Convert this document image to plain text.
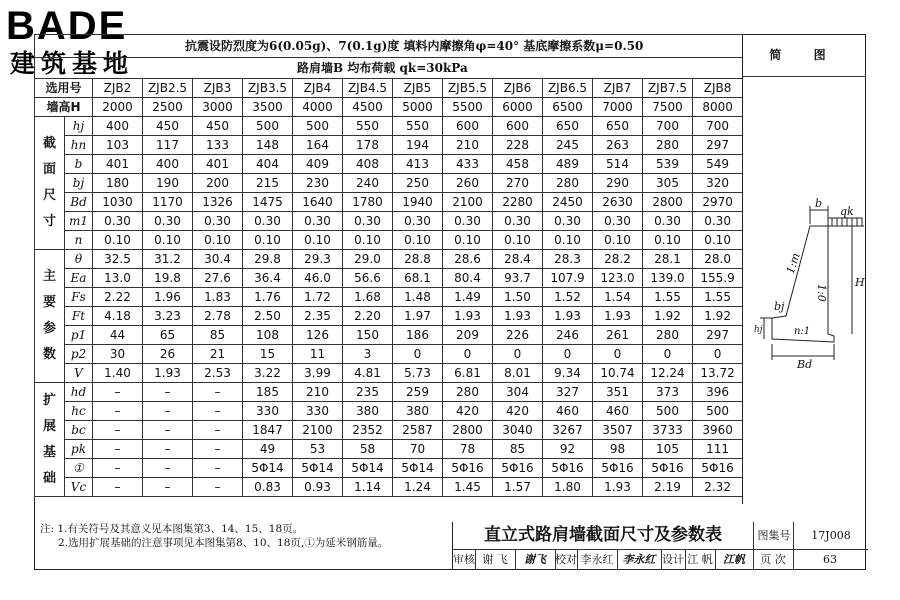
BADE
建筑基地
抗震设防烈度为6(0.05g)、7(0.1g)度 填料内摩擦角φ=40° 基底摩擦系数μ=0.50														
路肩墙B 均布荷载 qk=30kPa														
选用号		ZJB2	ZJB2.5	ZJB3	ZJB3.5	ZJB4	ZJB4.5	ZJB5	ZJB5.5	ZJB6	ZJB6.5	ZJB7	ZJB7.5	ZJB8
墙高H		2000	2500	3000	3500	4000	4500	5000	5500	6000	6500	7000	7500	8000
截
面
尺
寸	hj	400	450	450	500	500	550	550	600	600	650	650	700	700
	hn	103	117	133	148	164	178	194	210	228	245	263	280	297
	b	401	400	401	404	409	408	413	433	458	489	514	539	549
	bj	180	190	200	215	230	240	250	260	270	280	290	305	320
	Bd	1030	1170	1326	1475	1640	1780	1940	2100	2280	2450	2630	2800	2970
	m1	0.30	0.30	0.30	0.30	0.30	0.30	0.30	0.30	0.30	0.30	0.30	0.30	0.30
	n	0.10	0.10	0.10	0.10	0.10	0.10	0.10	0.10	0.10	0.10	0.10	0.10	0.10
主
要
参
数	θ	32.5	31.2	30.4	29.8	29.3	29.0	28.8	28.6	28.4	28.3	28.2	28.1	28.0
	Ea	13.0	19.8	27.6	36.4	46.0	56.6	68.1	80.4	93.7	107.9	123.0	139.0	155.9
	Fs	2.22	1.96	1.83	1.76	1.72	1.68	1.48	1.49	1.50	1.52	1.54	1.55	1.55
	Ft	4.18	3.23	2.78	2.50	2.35	2.20	1.97	1.93	1.93	1.93	1.93	1.92	1.92
	p1	44	65	85	108	126	150	186	209	226	246	261	280	297
	p2	30	26	21	15	11	3	0	0	0	0	0	0	0
	V	1.40	1.93	2.53	3.22	3.99	4.81	5.73	6.81	8.01	9.34	10.74	12.24	13.72
扩
展
基
础	hd	–	–	–	185	210	235	259	280	304	327	351	373	396
	hc	–	–	–	330	330	380	380	420	420	460	460	500	500
	bc	–	–	–	1847	2100	2352	2587	2800	3040	3267	3507	3733	3960
	pk	–	–	–	49	53	58	70	78	85	92	98	105	111
	①	–	–	–	5Φ14	5Φ14	5Φ14	5Φ14	5Φ16	5Φ16	5Φ16	5Φ16	5Φ16	5Φ16
	Vc	–	–	–	0.83	0.93	1.14	1.24	1.45	1.57	1.80	1.93	2.19	2.32
简 图
b
qk
1:m
1:0
H
bj
hj	n:1
Bd
注: 1.有关符号及其意义见本图集第3、14、15、18页。
2.选用扩展基础的注意事项见本图集第8、10、18页,①为延米钢筋量。	直立式路肩墙截面尺寸及参数表	图集号	17J008
审核 谢 飞	谢飞 校对 李永红 李永红 设计 江 帆 江帆	页 次	63
